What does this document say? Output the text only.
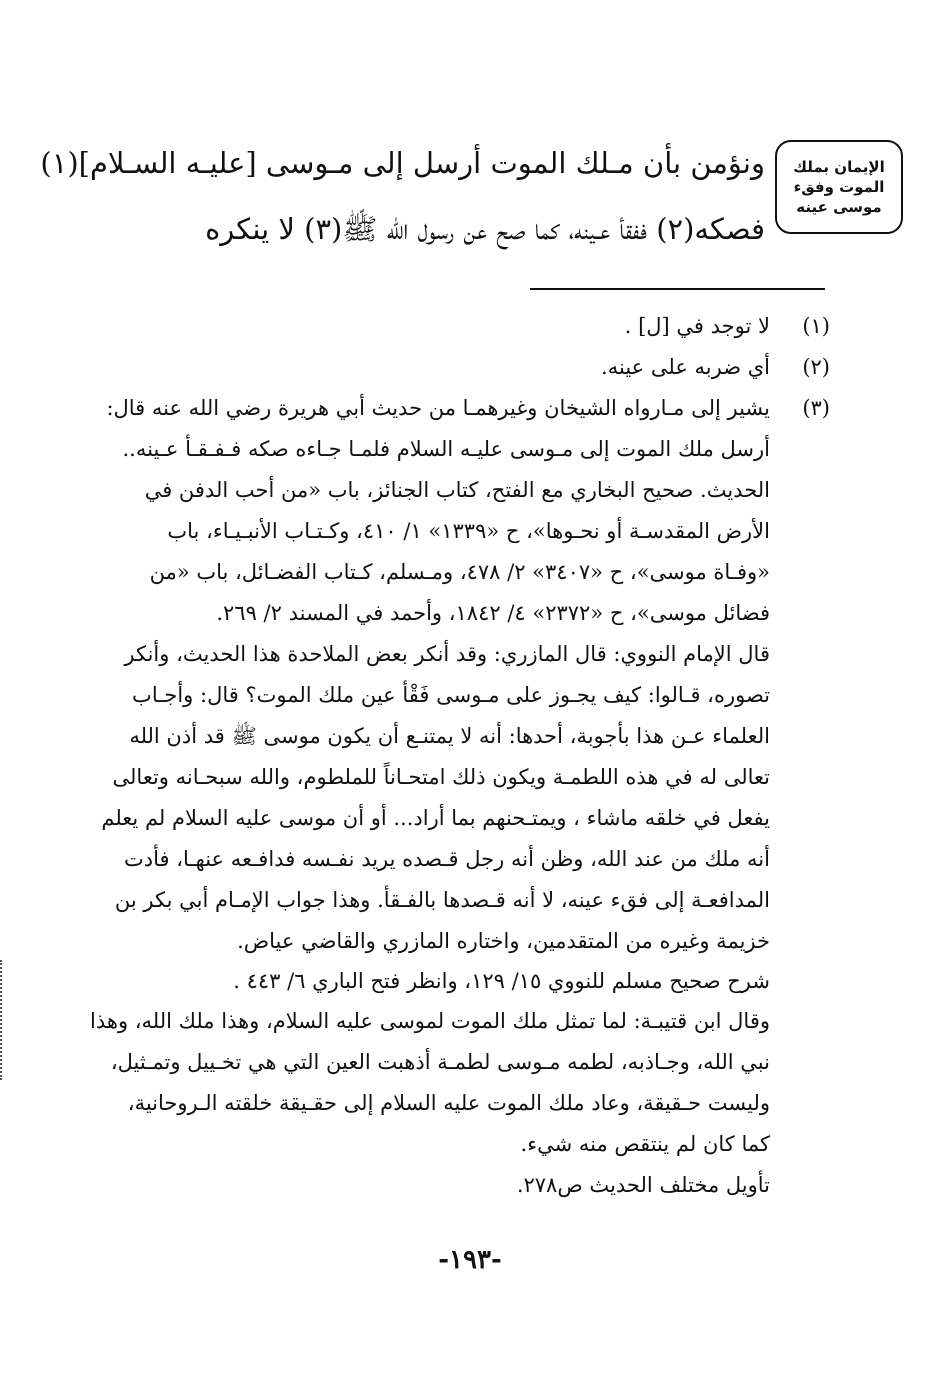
الإيمان بملك
الموت وفقء
موسى عينه
ونؤمن بأن مـلك الموت أرسل إلى مـوسى [عليـه السـلام](١)
فصكه(٢) ففقأ عـينه، كما صح عن رسول الله ﷺ(٣) لا ينكره
(١)
لا توجد في [ل] .
(٢)
أي ضربه على عينه.
(٣)
يشير إلى مـارواه الشيخان وغيرهمـا من حديث أبي هريرة رضي الله عنه قال:
أرسل ملك الموت إلى مـوسى عليـه السلام فلمـا جـاءه صكه فـفـقـأ عـينه..
الحديث. صحيح البخاري مع الفتح، كتاب الجنائز، باب «من أحب الدفن في
الأرض المقدسـة أو نحـوها»، ح «١٣٣٩» ١/ ٤١٠، وكـتـاب الأنبـيـاء، باب
«وفـاة موسى»، ح «٣٤٠٧» ٢/ ٤٧٨، ومـسلم، كـتاب الفضـائل، باب «من
فضائل موسى»، ح «٢٣٧٢» ٤/ ١٨٤٢، وأحمد في المسند ٢/ ٢٦٩.
قال الإمام النووي: قال المازري: وقد أنكر بعض الملاحدة هذا الحديث، وأنكر
تصوره، قـالوا: كيف يجـوز على مـوسى فَقْأ عين ملك الموت؟ قال: وأجـاب
العلماء عـن هذا بأجوبة، أحدها: أنه لا يمتنـع أن يكون موسى ﷺ قد أذن الله
تعالى له في هذه اللطمـة ويكون ذلك امتحـاناً للملطوم، والله سبحـانه وتعالى
يفعل في خلقه ماشاء ، ويمتـحنهم بما أراد... أو أن موسى عليه السلام لم يعلم
أنه ملك من عند الله، وظن أنه رجل قـصده يريد نفـسه فدافـعه عنهـا، فأدت
المدافعـة إلى فقء عينه، لا أنه قـصدها بالفـقأ. وهذا جواب الإمـام أبي بكر بن
خزيمة وغيره من المتقدمين، واختاره المازري والقاضي عياض.
شرح صحيح مسلم للنووي ١٥/ ١٢٩، وانظر فتح الباري ٦/ ٤٤٣ .
وقال ابن قتيبـة: لما تمثل ملك الموت لموسى عليه السلام، وهذا ملك الله، وهذا
نبي الله، وجـاذبه، لطمه مـوسى لطمـة أذهبت العين التي هي تخـييل وتمـثيل،
وليست حـقيقة، وعاد ملك الموت عليه السلام إلى حقـيقة خلقته الـروحانية،
كما كان لم ينتقص منه شيء.
تأويل مختلف الحديث ص٢٧٨.
-١٩٣-
